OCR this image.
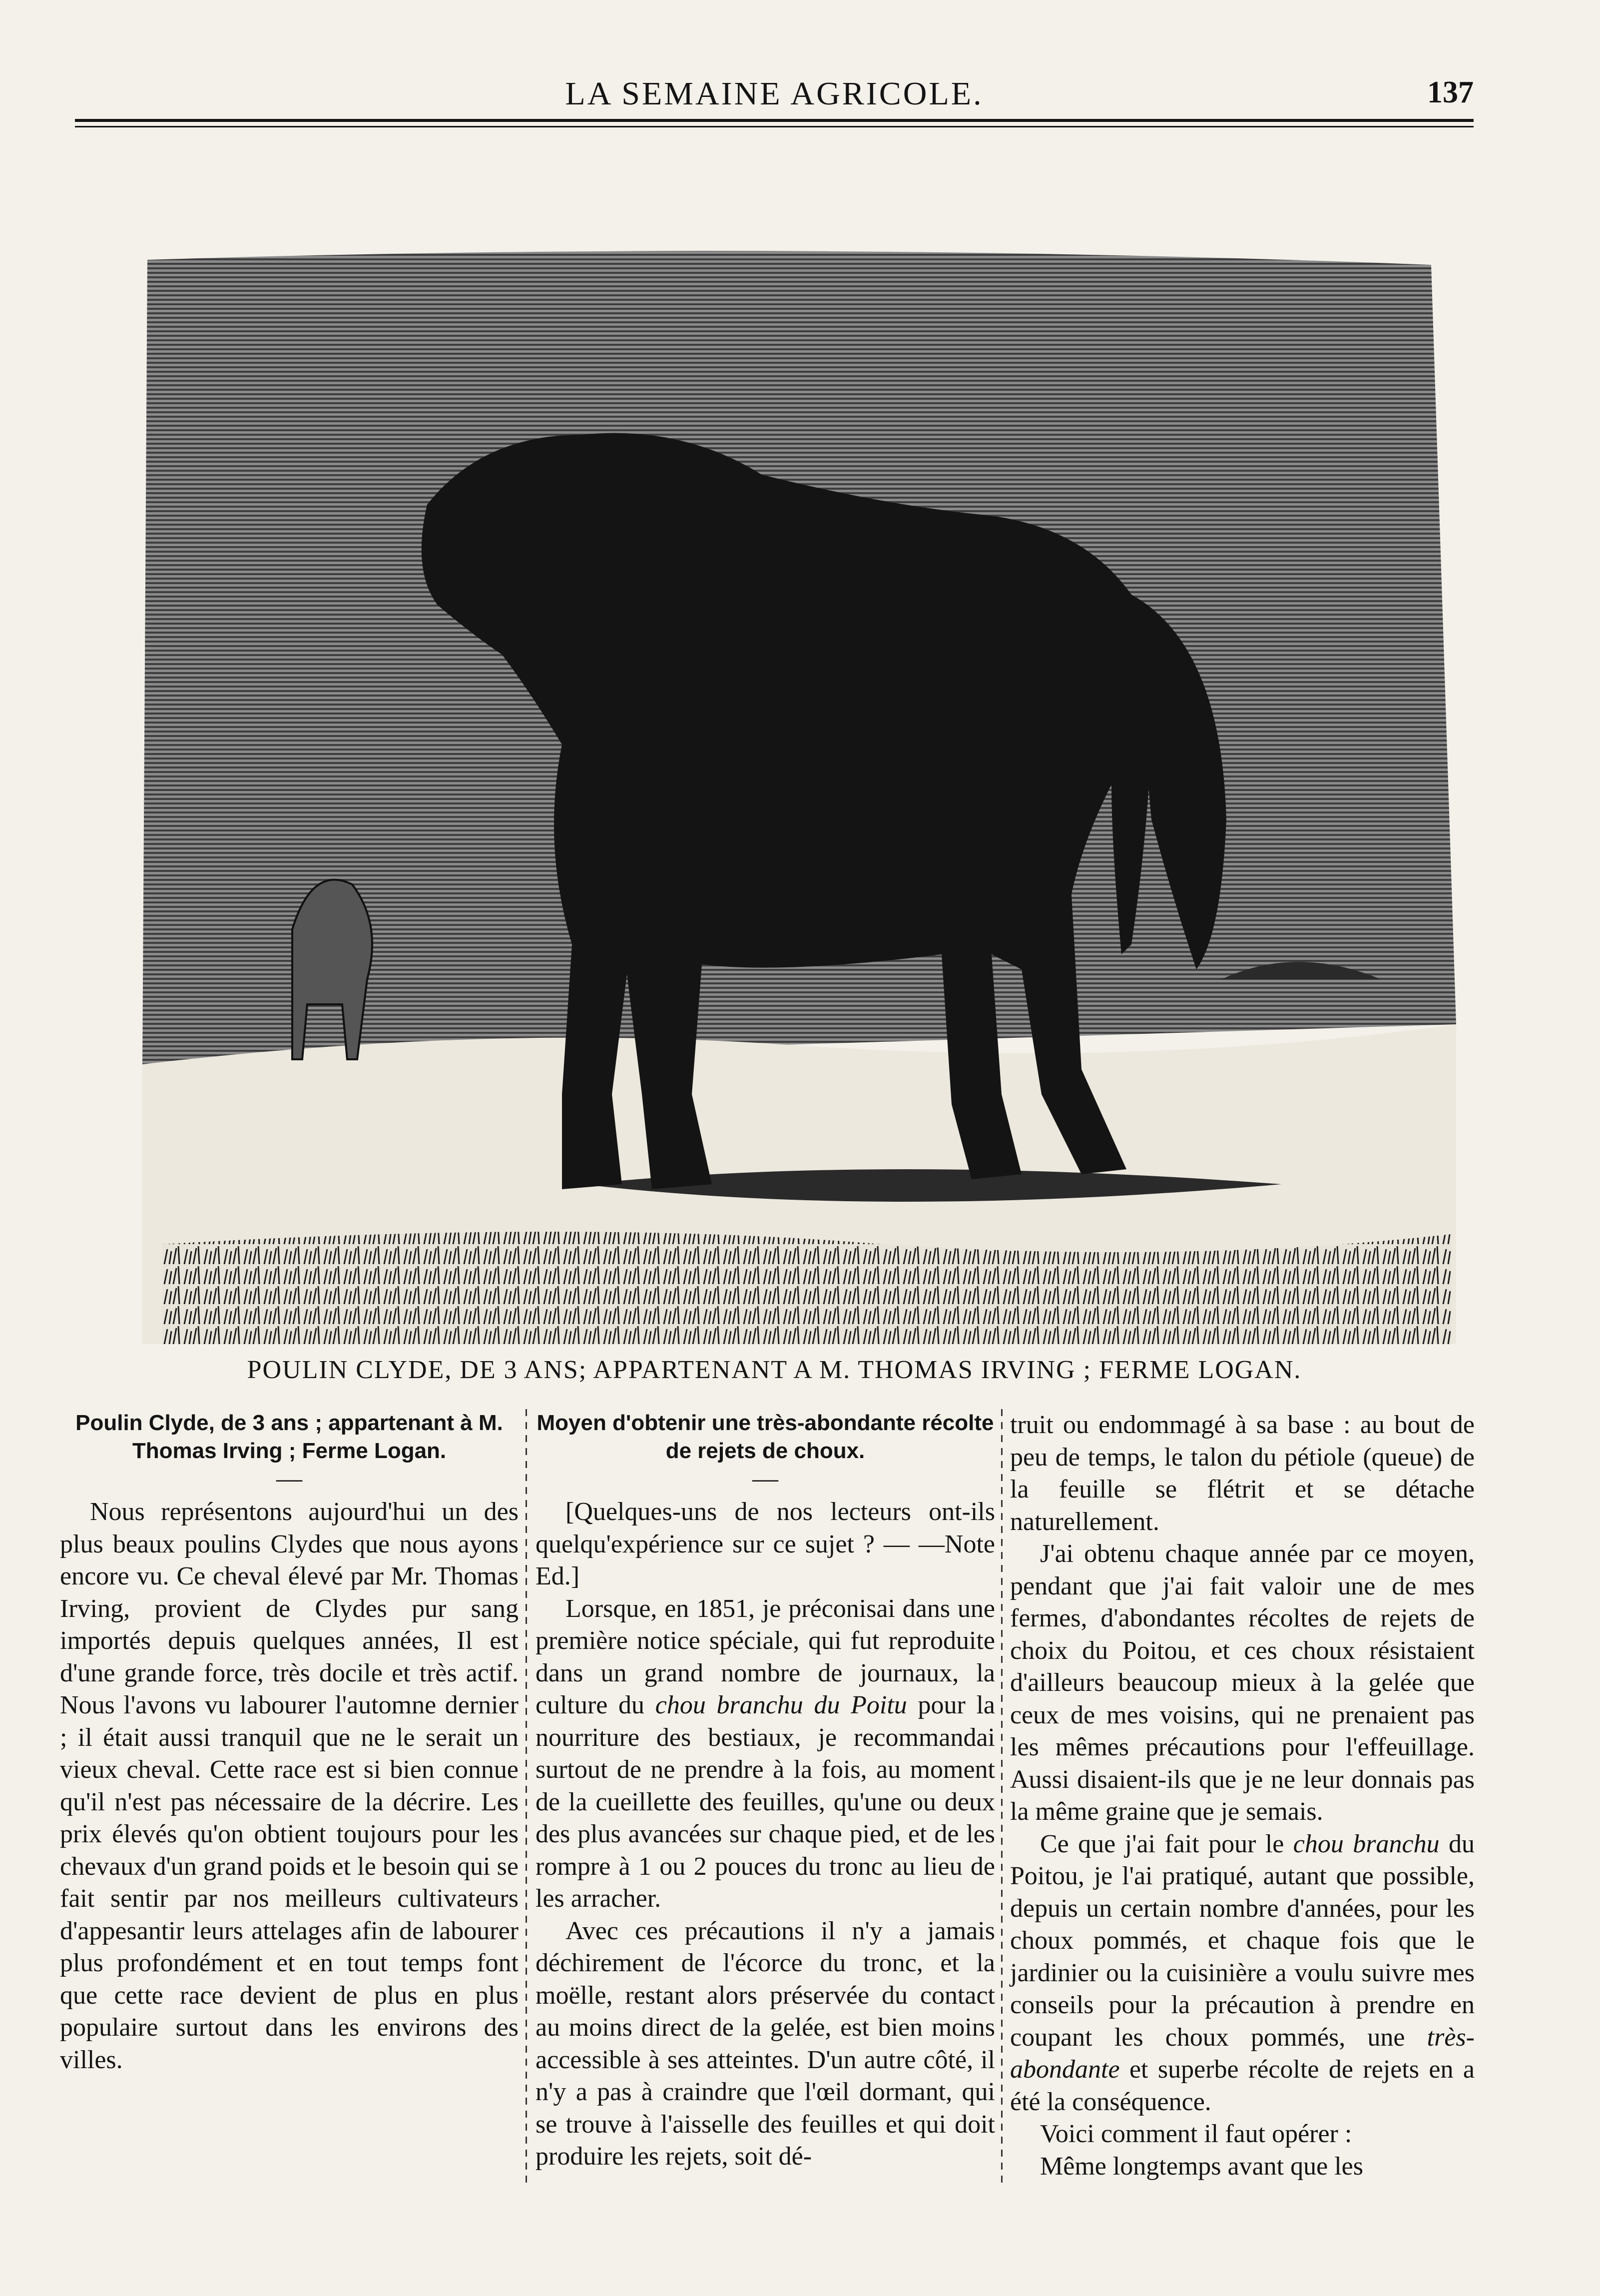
LA SEMAINE AGRICOLE.	137
POULIN CLYDE, DE 3 ANS; APPARTENANT A M. THOMAS IRVING ; FERME LOGAN.
Poulin Clyde, de 3 ans ; appartenant à M. Thomas Irving ; Ferme Logan.
—

Nous représentons aujourd'hui un des plus beaux poulins Clydes que nous ayons encore vu. Ce cheval élevé par Mr. Thomas Irving, provient de Clydes pur sang importés depuis quelques années, Il est d'une grande force, très docile et très actif. Nous l'avons vu labourer l'automne dernier ; il était aussi tranquil que ne le serait un vieux cheval. Cette race est si bien connue qu'il n'est pas nécessaire de la décrire. Les prix élevés qu'on obtient toujours pour les chevaux d'un grand poids et le besoin qui se fait sentir par nos meilleurs cultivateurs d'appesantir leurs attelages afin de labourer plus profondément et en tout temps font que cette race devient de plus en plus populaire surtout dans les environs des villes.

Moyen d'obtenir une très-abondante récolte de rejets de choux.
—

[Quelques-uns de nos lecteurs ont-ils quelqu'expérience sur ce sujet ? — —Note Ed.]

Lorsque, en 1851, je préconisai dans une première notice spéciale, qui fut reproduite dans un grand nombre de journaux, la culture du chou branchu du Poitu pour la nourriture des bestiaux, je recommandai surtout de ne prendre à la fois, au moment de la cueillette des feuilles, qu'une ou deux des plus avancées sur chaque pied, et de les rompre à 1 ou 2 pouces du tronc au lieu de les arracher.

Avec ces précautions il n'y a jamais déchirement de l'écorce du tronc, et la moëlle, restant alors préservée du contact au moins direct de la gelée, est bien moins accessible à ses atteintes. D'un autre côté, il n'y a pas à craindre que l'œil dormant, qui se trouve à l'aisselle des feuilles et qui doit produire les rejets, soit dé-

truit ou endommagé à sa base : au bout de peu de temps, le talon du pétiole (queue) de la feuille se flétrit et se détache naturellement.

J'ai obtenu chaque année par ce moyen, pendant que j'ai fait valoir une de mes fermes, d'abondantes récoltes de rejets de choix du Poitou, et ces choux résistaient d'ailleurs beaucoup mieux à la gelée que ceux de mes voisins, qui ne prenaient pas les mêmes précautions pour l'effeuillage. Aussi disaient-ils que je ne leur donnais pas la même graine que je semais.

Ce que j'ai fait pour le chou branchu du Poitou, je l'ai pratiqué, autant que possible, depuis un certain nombre d'années, pour les choux pommés, et chaque fois que le jardinier ou la cuisinière a voulu suivre mes conseils pour la précaution à prendre en coupant les choux pommés, une très-abondante et superbe récolte de rejets en a été la conséquence.

Voici comment il faut opérer :

Même longtemps avant que les
